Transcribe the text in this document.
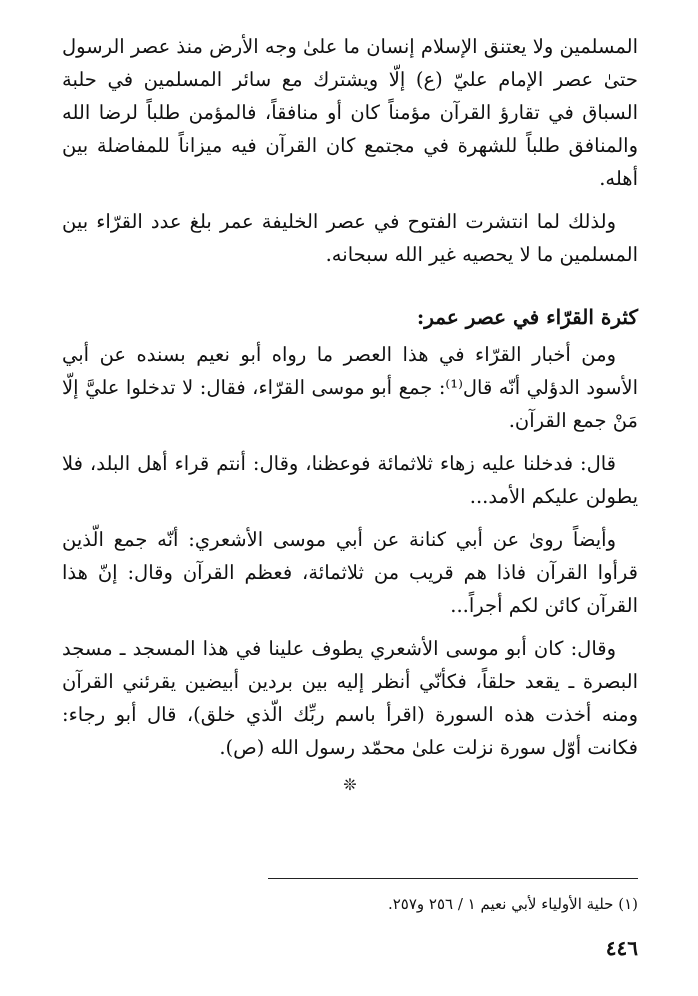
المسلمين ولا يعتنق الإسلام إنسان ما علىٰ وجه الأرض منذ عصر الرسول حتىٰ عصر الإمام عليّ (ع) إلّا ويشترك مع سائر المسلمين في حلبة السباق في تقارؤ القرآن مؤمناً كان أو منافقاً، فالمؤمن طلباً لرضا الله والمنافق طلباً للشهرة في مجتمع كان القرآن فيه ميزاناً للمفاضلة بين أهله.

ولذلك لما انتشرت الفتوح في عصر الخليفة عمر بلغ عدد القرّاء بين المسلمين ما لا يحصيه غير الله سبحانه.

كثرة القرّاء في عصر عمر:

ومن أخبار القرّاء في هذا العصر ما رواه أبو نعيم بسنده عن أبي الأسود الدؤلي أنّه قال⁽¹⁾: جمع أبو موسى القرّاء، فقال: لا تدخلوا عليَّ إلّا مَنْ جمع القرآن.

قال: فدخلنا عليه زهاء ثلاثمائة فوعظنا، وقال: أنتم قراء أهل البلد، فلا يطولن عليكم الأمد...

وأيضاً روىٰ عن أبي كنانة عن أبي موسى الأشعري: أنّه جمع الّذين قرأوا القرآن فاذا هم قريب من ثلاثمائة، فعظم القرآن وقال: إنّ هذا القرآن كائن لكم أجراً...

وقال: كان أبو موسى الأشعري يطوف علينا في هذا المسجد ـ مسجد البصرة ـ يقعد حلقاً، فكأنّي أنظر إليه بين بردين أبيضين يقرئني القرآن ومنه أخذت هذه السورة (اقرأ باسم ربِّك الّذي خلق)، قال أبو رجاء: فكانت أوّل سورة نزلت علىٰ محمّد رسول الله (ص).

❊
(١) حلية الأولياء لأبي نعيم ١ / ٢٥٦ و٢٥٧.
٤٤٦
